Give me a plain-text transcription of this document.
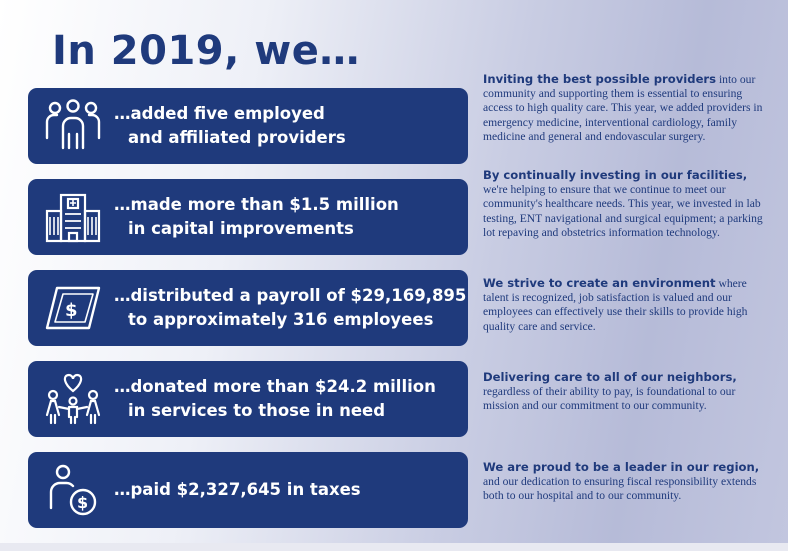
In 2019, we…
…added five employed
and affiliated providers
…made more than $1.5 million
in capital improvements
$
…distributed a payroll of $29,169,895
to approximately 316 employees
…donated more than $24.2 million
in services to those in need
$
…paid $2,327,645 in taxes
Inviting the best possible providers into our community and supporting them is essential to ensuring access to high quality care. This year, we added providers in emergency medicine, interventional cardiology, family medicine and general and endovascular surgery.
By continually investing in our facilities, we're helping to ensure that we continue to meet our community's healthcare needs. This year, we invested in lab testing, ENT navigational and surgical equipment; a parking lot repaving and obstetrics information technology.
We strive to create an environment where talent is recognized, job satisfaction is valued and our employees can effectively use their skills to provide high quality care and service.
Delivering care to all of our neighbors, regardless of their ability to pay, is foundational to our mission and our commitment to our community.
We are proud to be a leader in our region, and our dedication to ensuring fiscal responsibility extends both to our hospital and to our community.
